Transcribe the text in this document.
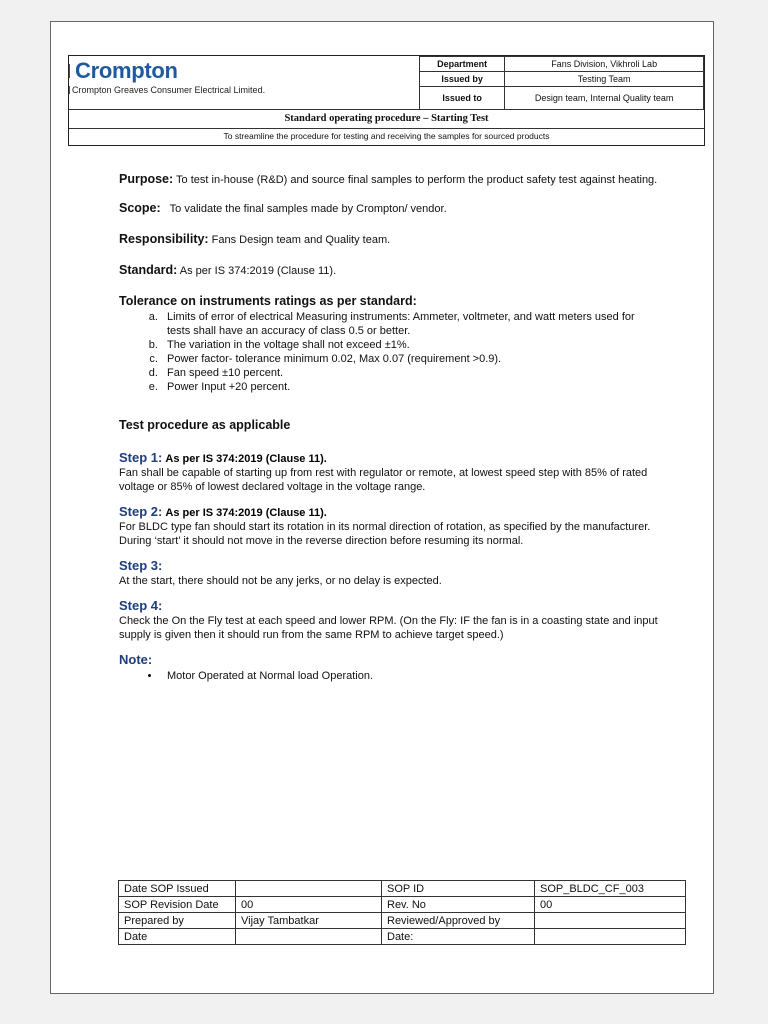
Crompton
Crompton Greaves Consumer Electrical Limited.
Department	Fans Division, Vikhroli Lab
Issued by	Testing Team
Issued to	Design team, Internal Quality team
Standard operating procedure – Starting Test
To streamline the procedure for testing and receiving the samples for sourced products

Purpose: To test in-house (R&D) and source final samples to perform the product safety test against heating.

Scope:   To validate the final samples made by Crompton/ vendor.

Responsibility: Fans Design team and Quality team.

Standard: As per IS 374:2019 (Clause 11).

Tolerance on instruments ratings as per standard:
a. Limits of error of electrical Measuring instruments: Ammeter, voltmeter, and watt meters used for tests shall have an accuracy of class 0.5 or better.
b. The variation in the voltage shall not exceed ±1%.
c. Power factor- tolerance minimum 0.02, Max 0.07 (requirement >0.9).
d. Fan speed ±10 percent.
e. Power Input +20 percent.
Test procedure as applicable
Step 1: As per IS 374:2019 (Clause 11).
Fan shall be capable of starting up from rest with regulator or remote, at lowest speed step with 85% of rated voltage or 85% of lowest declared voltage in the voltage range.
Step 2: As per IS 374:2019 (Clause 11).
For BLDC type fan should start its rotation in its normal direction of rotation, as specified by the manufacturer. During ‘start’ it should not move in the reverse direction before resuming its normal.
Step 3:
At the start, there should not be any jerks, or no delay is expected.
Step 4:
Check the On the Fly test at each speed and lower RPM. (On the Fly: IF the fan is in a coasting state and input supply is given then it should run from the same RPM to achieve target speed.)
Note:
• Motor Operated at Normal load Operation.
Date SOP Issued		SOP ID	SOP_BLDC_CF_003
SOP Revision Date	00	Rev. No	00
Prepared by	Vijay Tambatkar	Reviewed/Approved by	
Date		Date:	
